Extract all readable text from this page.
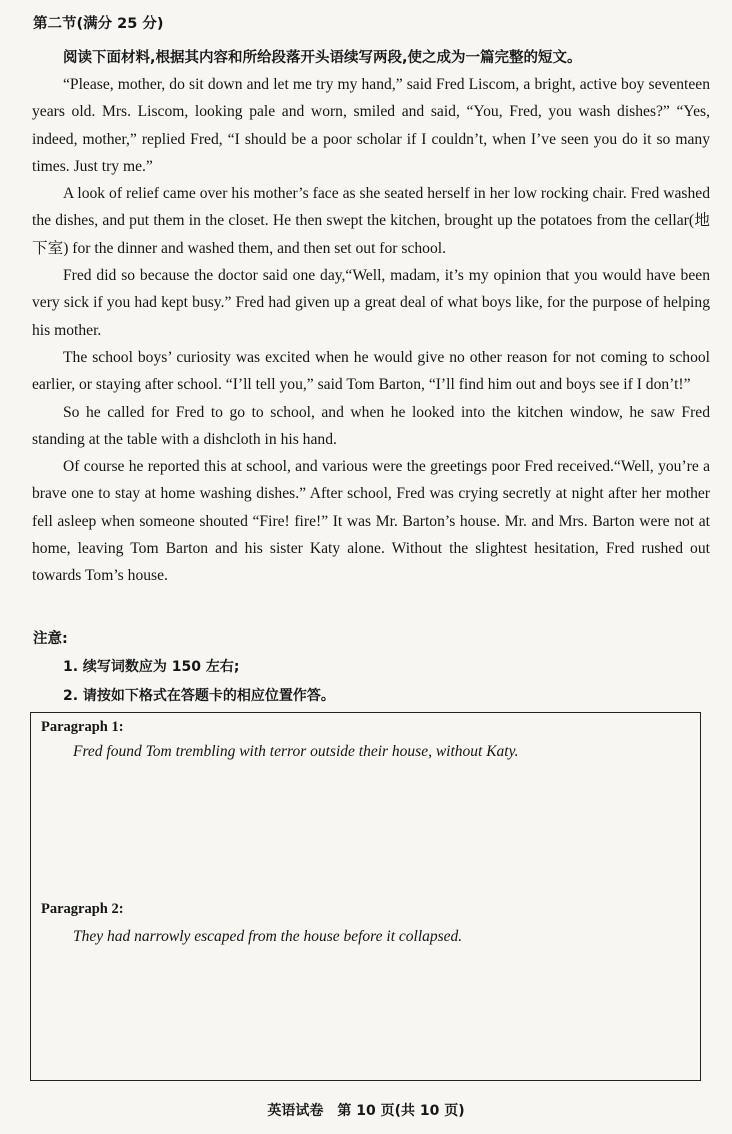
第二节(满分 25 分)
阅读下面材料,根据其内容和所给段落开头语续写两段,使之成为一篇完整的短文。

“Please, mother, do sit down and let me try my hand,” said Fred Liscom, a bright, active boy seventeen years old. Mrs. Liscom, looking pale and worn, smiled and said, “You, Fred, you wash dishes?” “Yes, indeed, mother,” replied Fred, “I should be a poor scholar if I couldn’t, when I’ve seen you do it so many times. Just try me.”

A look of relief came over his mother’s face as she seated herself in her low rocking chair. Fred washed the dishes, and put them in the closet. He then swept the kitchen, brought up the potatoes from the cellar(地下室) for the dinner and washed them, and then set out for school.

Fred did so because the doctor said one day,“Well, madam, it’s my opinion that you would have been very sick if you had kept busy.” Fred had given up a great deal of what boys like, for the purpose of helping his mother.

The school boys’ curiosity was excited when he would give no other reason for not coming to school earlier, or staying after school. “I’ll tell you,” said Tom Barton, “I’ll find him out and boys see if I don’t!”

So he called for Fred to go to school, and when he looked into the kitchen window, he saw Fred standing at the table with a dishcloth in his hand.

Of course he reported this at school, and various were the greetings poor Fred received.“Well, you’re a brave one to stay at home washing dishes.” After school, Fred was crying secretly at night after her mother fell asleep when someone shouted “Fire! fire!” It was Mr. Barton’s house. Mr. and Mrs. Barton were not at home, leaving Tom Barton and his sister Katy alone. Without the slightest hesitation, Fred rushed out towards Tom’s house.

注意:
1. 续写词数应为 150 左右;
2. 请按如下格式在答题卡的相应位置作答。
Paragraph 1:
Fred found Tom trembling with terror outside their house, without Katy.
Paragraph 2:
They had narrowly escaped from the house before it collapsed.
英语试卷　第 10 页(共 10 页)
